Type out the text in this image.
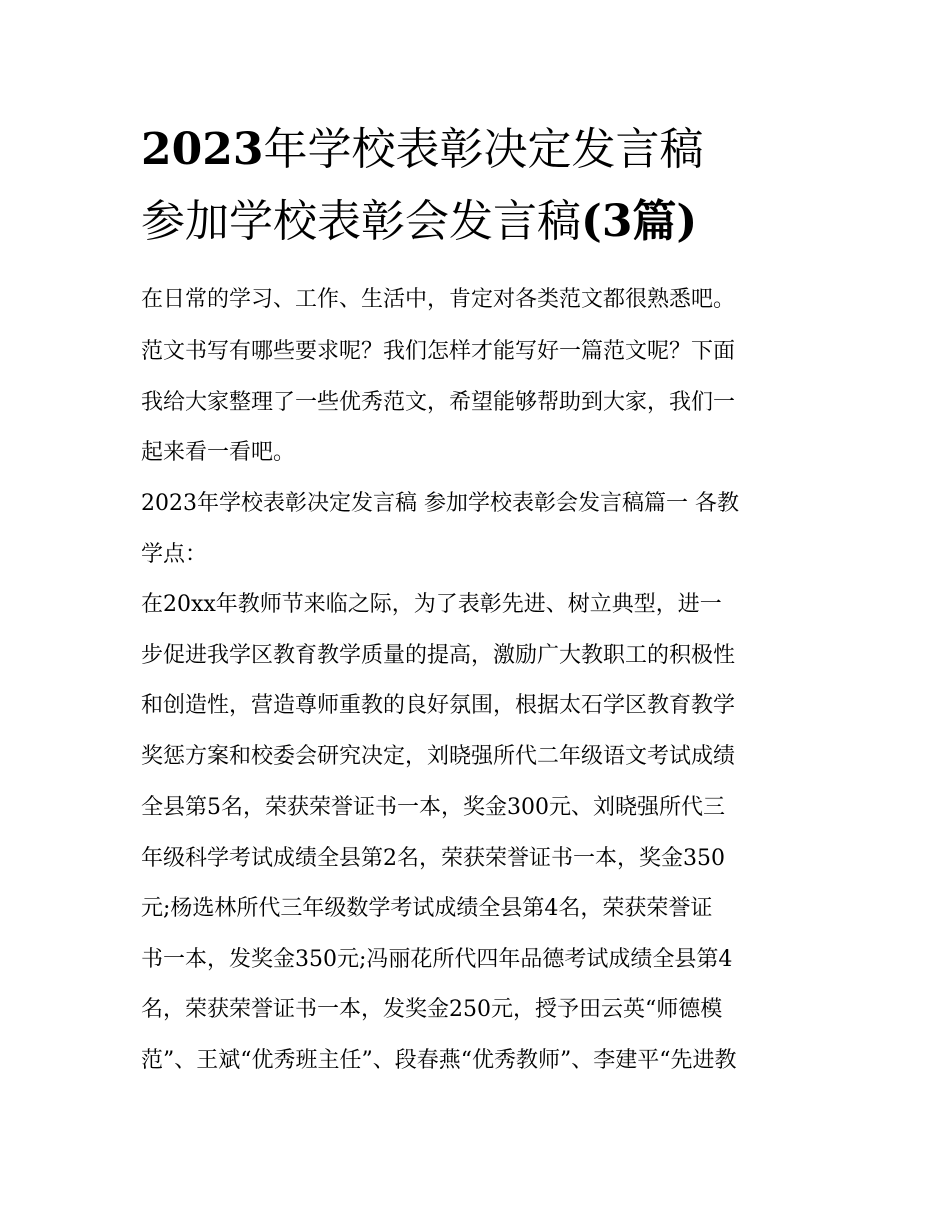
2023年学校表彰决定发言稿
参加学校表彰会发言稿(3篇)

在日常的学习、工作、生活中，肯定对各类范文都很熟悉吧。

范文书写有哪些要求呢？我们怎样才能写好一篇范文呢？下面

我给大家整理了一些优秀范文，希望能够帮助到大家，我们一

起来看一看吧。

2023年学校表彰决定发言稿 参加学校表彰会发言稿篇一 各教

学点：

在20xx年教师节来临之际，为了表彰先进、树立典型，进一

步促进我学区教育教学质量的提高，激励广大教职工的积极性

和创造性，营造尊师重教的良好氛围，根据太石学区教育教学

奖惩方案和校委会研究决定，刘晓强所代二年级语文考试成绩

全县第5名，荣获荣誉证书一本，奖金300元、刘晓强所代三

年级科学考试成绩全县第2名，荣获荣誉证书一本，奖金350

元;杨选林所代三年级数学考试成绩全县第4名，荣获荣誉证

书一本，发奖金350元;冯丽花所代四年品德考试成绩全县第4

名，荣获荣誉证书一本，发奖金250元，授予田云英“师德模

范”、王斌“优秀班主任”、段春燕“优秀教师”、李建平“先进教
